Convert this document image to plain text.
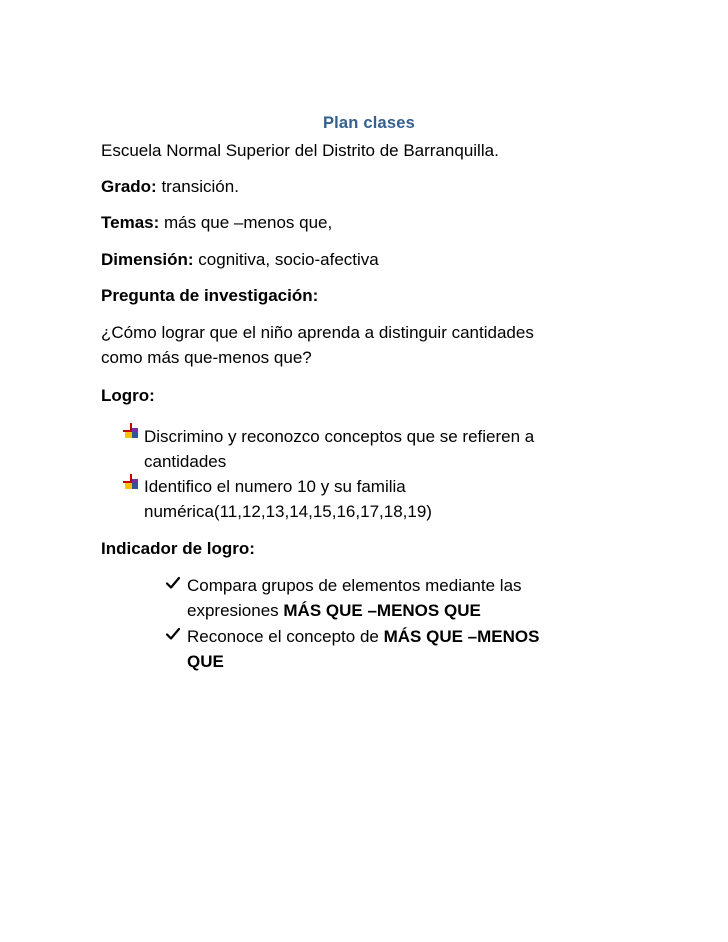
Plan clases
Escuela Normal Superior del Distrito de Barranquilla.
Grado: transición.
Temas: más que –menos que,
Dimensión: cognitiva, socio-afectiva
Pregunta de investigación:
¿Cómo lograr que el niño aprenda a distinguir cantidades
como más que-menos que?
Logro:
Discrimino y reconozco conceptos que se refieren a
cantidades
Identifico el numero 10 y su familia
numérica(11,12,13,14,15,16,17,18,19)
Indicador de logro:
Compara grupos de elementos mediante las
expresiones MÁS QUE –MENOS QUE
Reconoce el concepto de MÁS QUE –MENOS
QUE
